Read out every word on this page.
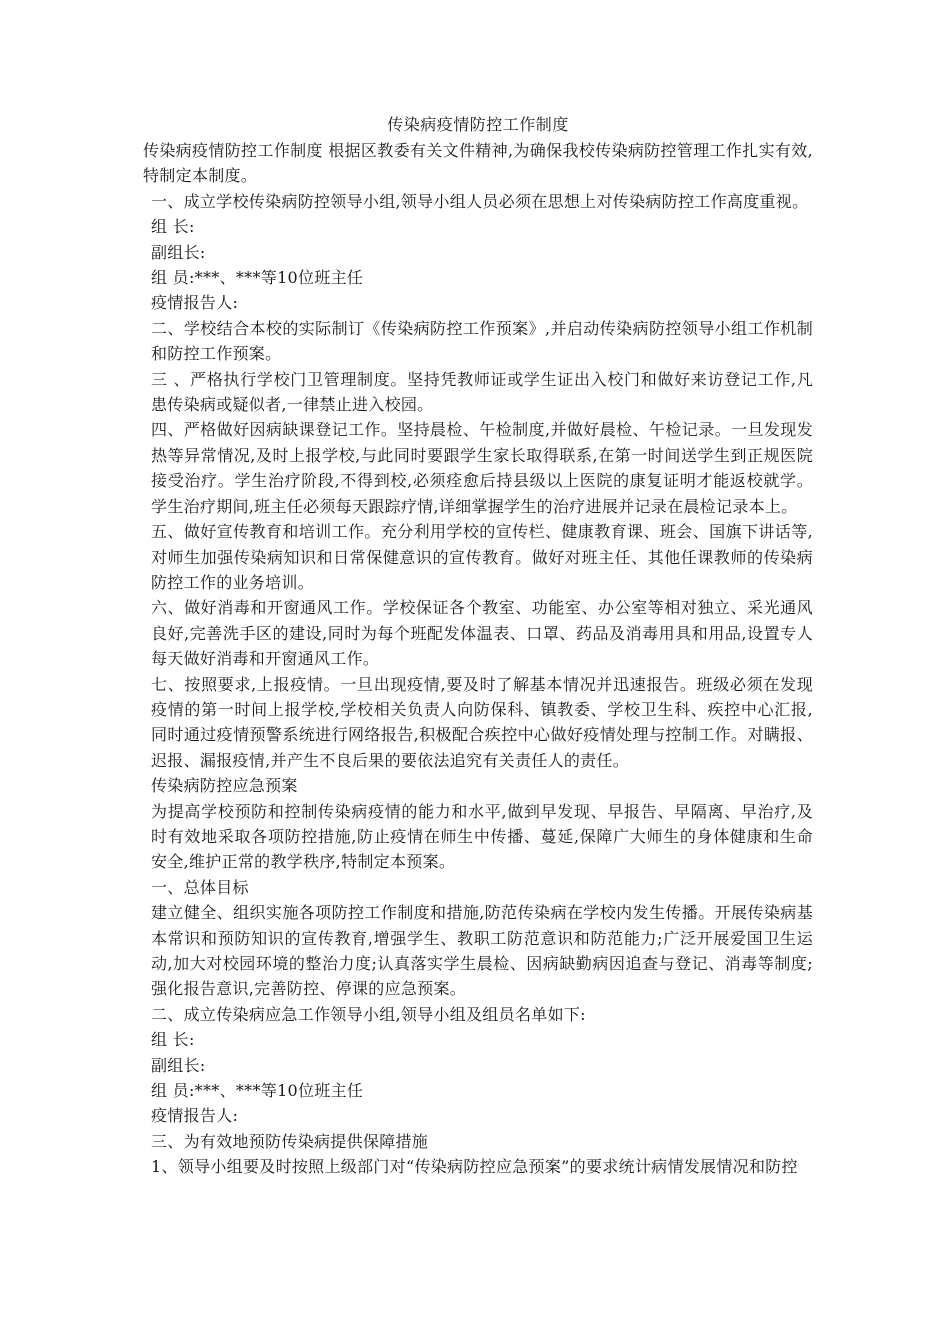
传染病疫情防控工作制度

传染病疫情防控工作制度 根据区教委有关文件精神,为确保我校传染病防控管理工作扎实有效,特制定本制度。

一、成立学校传染病防控领导小组,领导小组人员必须在思想上对传染病防控工作高度重视。

组 长:

副组长:

组 员:***、***等10位班主任

疫情报告人:

二、学校结合本校的实际制订《传染病防控工作预案》,并启动传染病防控领导小组工作机制和防控工作预案。

三 、严格执行学校门卫管理制度。坚持凭教师证或学生证出入校门和做好来访登记工作,凡患传染病或疑似者,一律禁止进入校园。

四、严格做好因病缺课登记工作。坚持晨检、午检制度,并做好晨检、午检记录。一旦发现发热等异常情况,及时上报学校,与此同时要跟学生家长取得联系,在第一时间送学生到正规医院接受治疗。学生治疗阶段,不得到校,必须痊愈后持县级以上医院的康复证明才能返校就学。学生治疗期间,班主任必须每天跟踪疗情,详细掌握学生的治疗进展并记录在晨检记录本上。

五、做好宣传教育和培训工作。充分利用学校的宣传栏、健康教育课、班会、国旗下讲话等,对师生加强传染病知识和日常保健意识的宣传教育。做好对班主任、其他任课教师的传染病防控工作的业务培训。

六、做好消毒和开窗通风工作。学校保证各个教室、功能室、办公室等相对独立、采光通风良好,完善洗手区的建设,同时为每个班配发体温表、口罩、药品及消毒用具和用品,设置专人每天做好消毒和开窗通风工作。

七、按照要求,上报疫情。一旦出现疫情,要及时了解基本情况并迅速报告。班级必须在发现疫情的第一时间上报学校,学校相关负责人向防保科、镇教委、学校卫生科、疾控中心汇报,同时通过疫情预警系统进行网络报告,积极配合疾控中心做好疫情处理与控制工作。对瞒报、迟报、漏报疫情,并产生不良后果的要依法追究有关责任人的责任。

传染病防控应急预案

为提高学校预防和控制传染病疫情的能力和水平,做到早发现、早报告、早隔离、早治疗,及时有效地采取各项防控措施,防止疫情在师生中传播、蔓延,保障广大师生的身体健康和生命安全,维护正常的教学秩序,特制定本预案。

一、总体目标

建立健全、组织实施各项防控工作制度和措施,防范传染病在学校内发生传播。开展传染病基本常识和预防知识的宣传教育,增强学生、教职工防范意识和防范能力;广泛开展爱国卫生运动,加大对校园环境的整治力度;认真落实学生晨检、因病缺勤病因追查与登记、消毒等制度;强化报告意识,完善防控、停课的应急预案。

二、成立传染病应急工作领导小组,领导小组及组员名单如下:

组 长:

副组长:

组 员:***、***等10位班主任

疫情报告人:

三、为有效地预防传染病提供保障措施

1、领导小组要及时按照上级部门对“传染病防控应急预案”的要求统计病情发展情况和防控
